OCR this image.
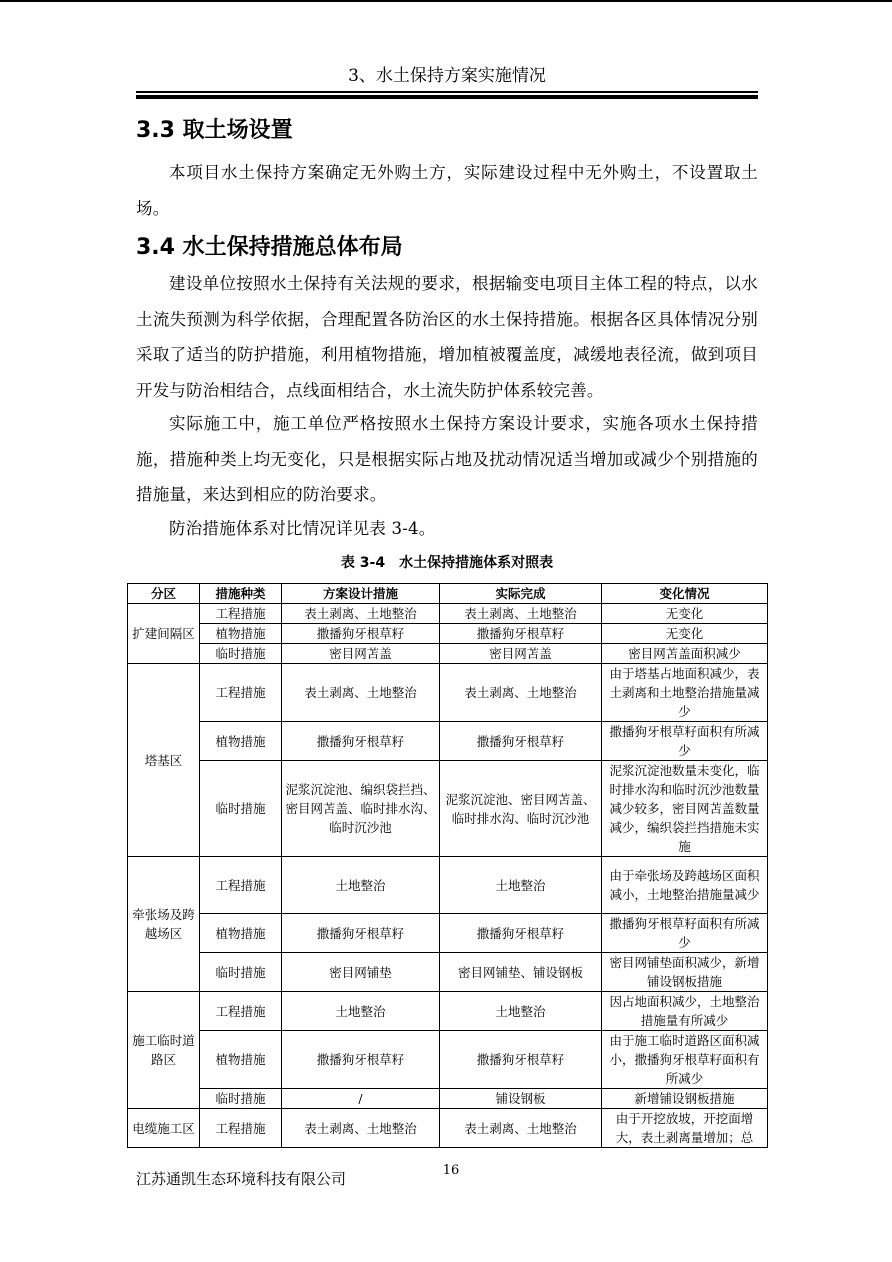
3、水土保持方案实施情况
3.3 取土场设置
本项目水土保持方案确定无外购土方，实际建设过程中无外购土，不设置取土场。
3.4 水土保持措施总体布局
建设单位按照水土保持有关法规的要求，根据输变电项目主体工程的特点，以水土流失预测为科学依据，合理配置各防治区的水土保持措施。根据各区具体情况分别采取了适当的防护措施，利用植物措施，增加植被覆盖度，减缓地表径流，做到项目开发与防治相结合，点线面相结合，水土流失防护体系较完善。
实际施工中，施工单位严格按照水土保持方案设计要求，实施各项水土保持措施，措施种类上均无变化，只是根据实际占地及扰动情况适当增加或减少个别措施的措施量，来达到相应的防治要求。
防治措施体系对比情况详见表 3-4。
表 3-4　水土保持措施体系对照表
分区	措施种类	方案设计措施	实际完成	变化情况
扩建间隔区	工程措施	表土剥离、土地整治	表土剥离、土地整治	无变化
	植物措施	撒播狗牙根草籽	撒播狗牙根草籽	无变化
	临时措施	密目网苫盖	密目网苫盖	密目网苫盖面积减少
塔基区	工程措施	表土剥离、土地整治	表土剥离、土地整治	由于塔基占地面积减少，表土剥离和土地整治措施量减少
	植物措施	撒播狗牙根草籽	撒播狗牙根草籽	撒播狗牙根草籽面积有所减少
	临时措施	泥浆沉淀池、编织袋拦挡、密目网苫盖、临时排水沟、临时沉沙池	泥浆沉淀池、密目网苫盖、临时排水沟、临时沉沙池	泥浆沉淀池数量未变化，临时排水沟和临时沉沙池数量减少较多，密目网苫盖数量减少，编织袋拦挡措施未实施
牵张场及跨越场区	工程措施	土地整治	土地整治	由于牵张场及跨越场区面积减小，土地整治措施量减少
	植物措施	撒播狗牙根草籽	撒播狗牙根草籽	撒播狗牙根草籽面积有所减少
	临时措施	密目网铺垫	密目网铺垫、铺设钢板	密目网铺垫面积减少，新增铺设钢板措施
施工临时道路区	工程措施	土地整治	土地整治	因占地面积减少，土地整治措施量有所减少
	植物措施	撒播狗牙根草籽	撒播狗牙根草籽	由于施工临时道路区面积减小，撒播狗牙根草籽面积有所减少
	临时措施	/	铺设钢板	新增铺设钢板措施
电缆施工区	工程措施	表土剥离、土地整治	表土剥离、土地整治	由于开挖放坡，开挖面增大，表土剥离量增加；总
16
江苏通凯生态环境科技有限公司
